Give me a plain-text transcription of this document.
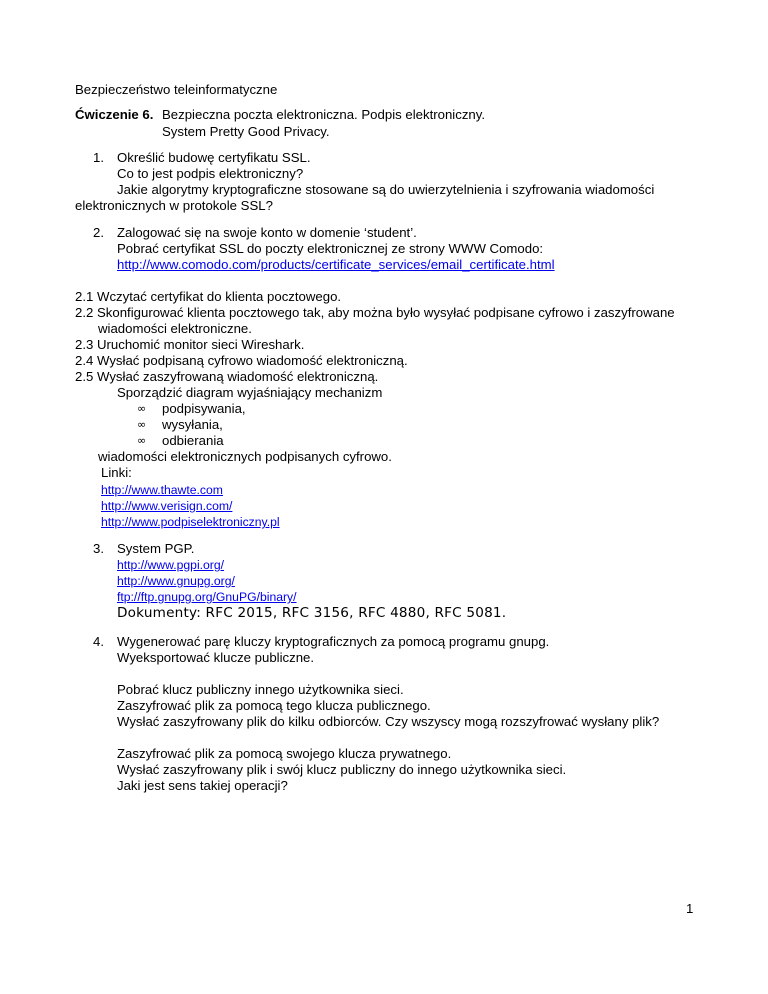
Bezpieczeństwo teleinformatyczne
Ćwiczenie 6. Bezpieczna poczta elektroniczna. Podpis elektroniczny.
System Pretty Good Privacy.
1. Określić budowę certyfikatu SSL.
Co to jest podpis elektroniczny?
Jakie algorytmy kryptograficzne stosowane są do uwierzytelnienia i szyfrowania wiadomości
elektronicznych w protokole SSL?
2. Zalogować się na swoje konto w domenie ‘student’.
Pobrać certyfikat SSL do poczty elektronicznej ze strony WWW Comodo:
http://www.comodo.com/products/certificate_services/email_certificate.html
2.1 Wczytać certyfikat do klienta pocztowego.
2.2 Skonfigurować klienta pocztowego tak, aby można było wysyłać podpisane cyfrowo i zaszyfrowane
wiadomości elektroniczne.
2.3 Uruchomić monitor sieci Wireshark.
2.4 Wysłać podpisaną cyfrowo wiadomość elektroniczną.
2.5 Wysłać zaszyfrowaną wiadomość elektroniczną.
Sporządzić diagram wyjaśniający mechanizm
∞ podpisywania,
∞ wysyłania,
∞ odbierania
wiadomości elektronicznych podpisanych cyfrowo.
Linki:
http://www.thawte.com
http://www.verisign.com/
http://www.podpiselektroniczny.pl
3. System PGP.
http://www.pgpi.org/
http://www.gnupg.org/
ftp://ftp.gnupg.org/GnuPG/binary/
Dokumenty: RFC 2015, RFC 3156, RFC 4880, RFC 5081.
4. Wygenerować parę kluczy kryptograficznych za pomocą programu gnupg.
Wyeksportować klucze publiczne.
Pobrać klucz publiczny innego użytkownika sieci.
Zaszyfrować plik za pomocą tego klucza publicznego.
Wysłać zaszyfrowany plik do kilku odbiorców. Czy wszyscy mogą rozszyfrować wysłany plik?
Zaszyfrować plik za pomocą swojego klucza prywatnego.
Wysłać zaszyfrowany plik i swój klucz publiczny do innego użytkownika sieci.
Jaki jest sens takiej operacji?
1
